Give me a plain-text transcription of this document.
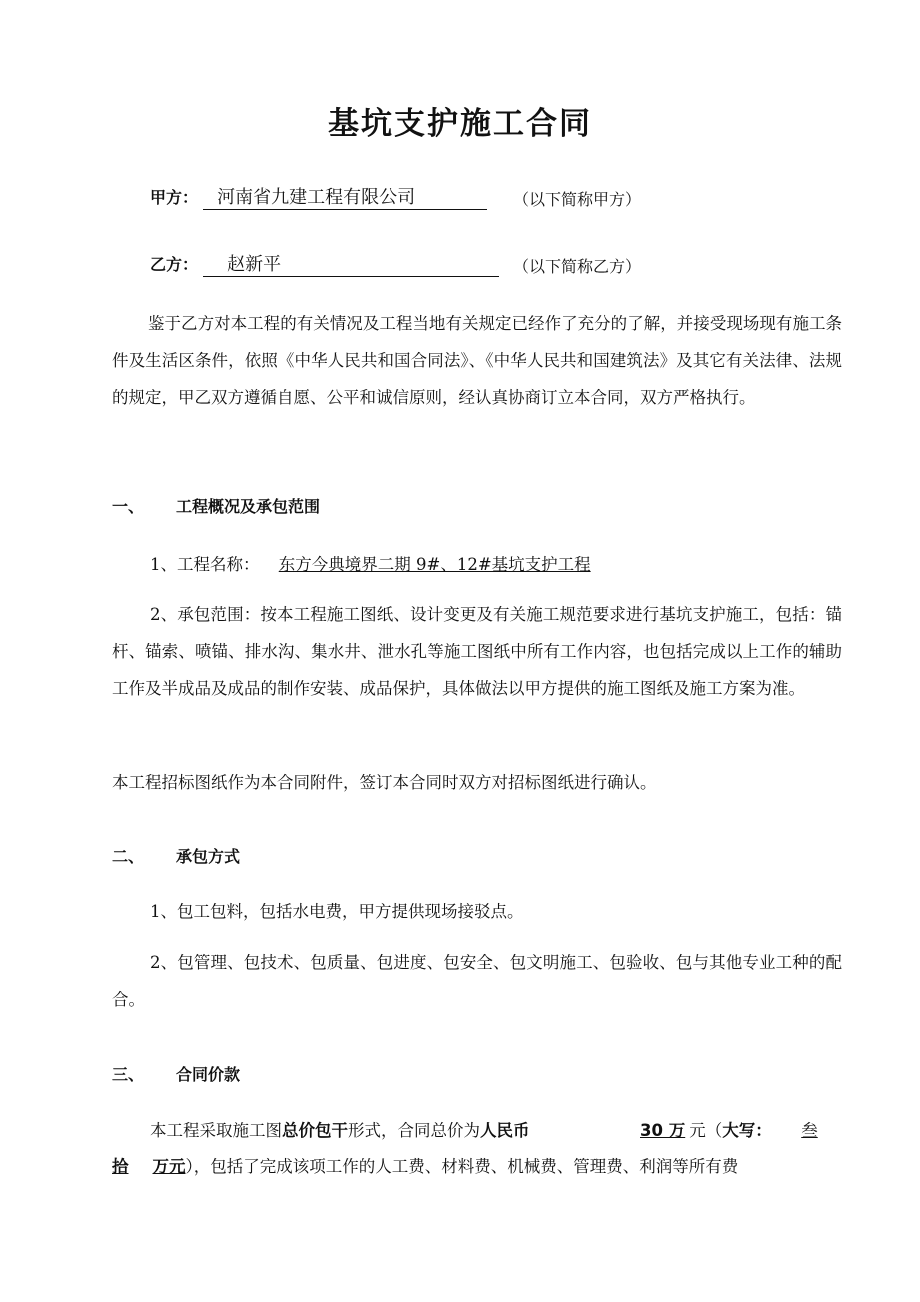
基坑支护施工合同
甲方： 河南省九建工程有限公司	（以下简称甲方）
乙方： 赵新平	（以下简称乙方）
鉴于乙方对本工程的有关情况及工程当地有关规定已经作了充分的了解，并接受现场现有施工条件及生活区条件，依照《中华人民共和国合同法》、《中华人民共和国建筑法》及其它有关法律、法规的规定，甲乙双方遵循自愿、公平和诚信原则，经认真协商订立本合同，双方严格执行。
一、 工程概况及承包范围
1、工程名称： 东方今典境界二期 9#、12#基坑支护工程
2、承包范围：按本工程施工图纸、设计变更及有关施工规范要求进行基坑支护施工，包括：锚杆、锚索、喷锚、排水沟、集水井、泄水孔等施工图纸中所有工作内容，也包括完成以上工作的辅助工作及半成品及成品的制作安装、成品保护，具体做法以甲方提供的施工图纸及施工方案为准。
本工程招标图纸作为本合同附件，签订本合同时双方对招标图纸进行确认。
二、 承包方式
1、包工包料，包括水电费，甲方提供现场接驳点。
2、包管理、包技术、包质量、包进度、包安全、包文明施工、包验收、包与其他专业工种的配合。
三、 合同价款
本工程采取施工图总价包干形式，合同总价为人民币	30 万 元（大写： 叁
拾 万元），包括了完成该项工作的人工费、材料费、机械费、管理费、利润等所有费
